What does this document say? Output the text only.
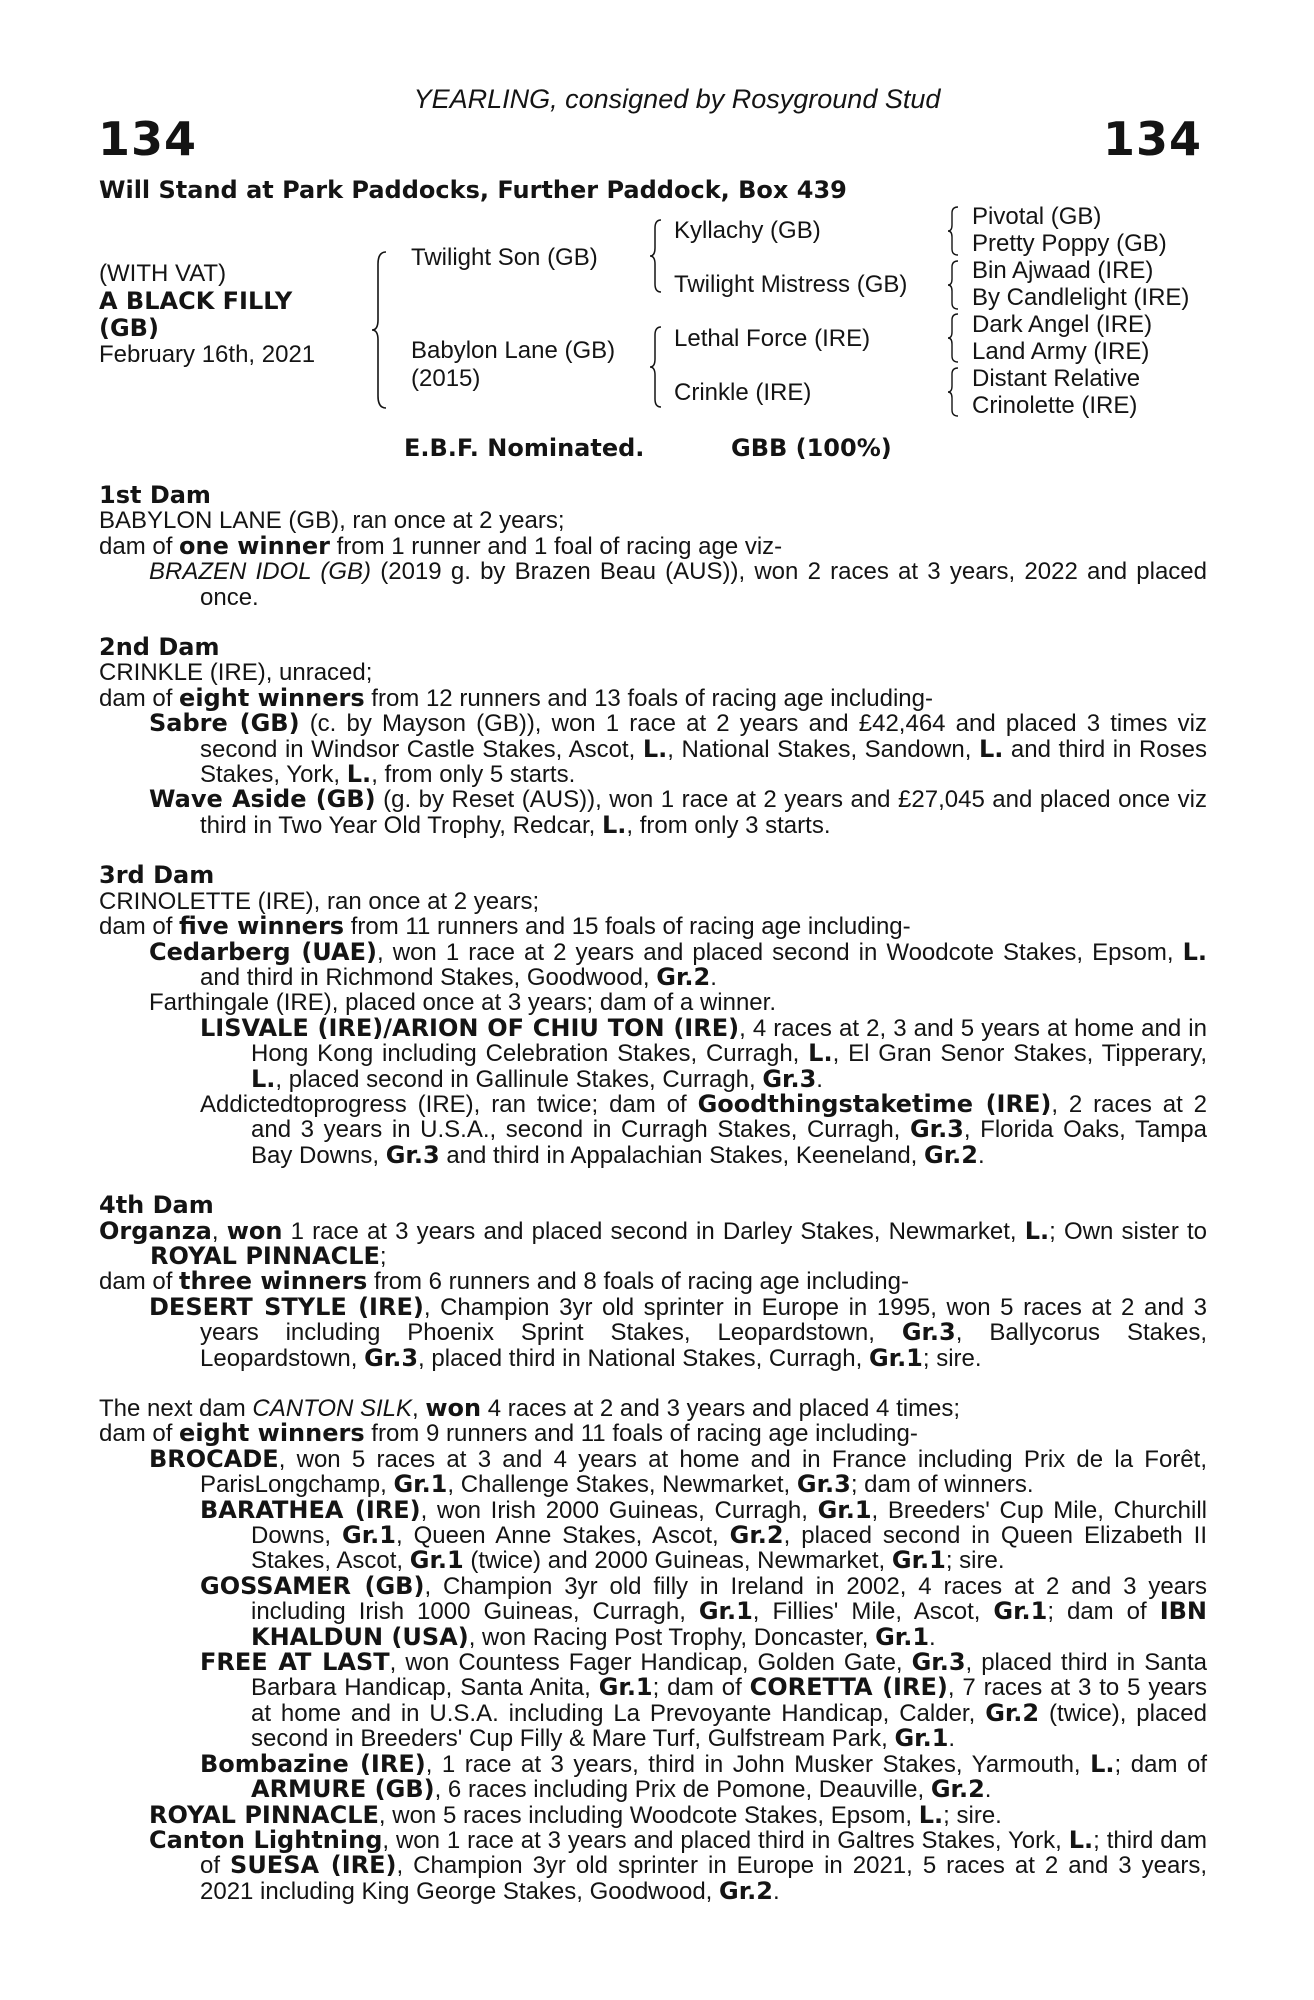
YEARLING, consigned by Rosyground Stud
134	134
Will Stand at Park Paddocks, Further Paddock, Box 439
(WITH VAT)
A BLACK FILLY
(GB)
February 16th, 2021
Twilight Son (GB)
Babylon Lane (GB)
(2015)
Kyllachy (GB)
Twilight Mistress (GB)
Lethal Force (IRE)
Crinkle (IRE)
Pivotal (GB)
Pretty Poppy (GB)
Bin Ajwaad (IRE)
By Candlelight (IRE)
Dark Angel (IRE)
Land Army (IRE)
Distant Relative
Crinolette (IRE)
E.B.F. Nominated.	GBB (100%)

1st Dam

BABYLON LANE (GB), ran once at 2 years;

dam of one winner from 1 runner and 1 foal of racing age viz-

BRAZEN IDOL (GB) (2019 g. by Brazen Beau (AUS)), won 2 races at 3 years, 2022 and placed once.

2nd Dam

CRINKLE (IRE), unraced;

dam of eight winners from 12 runners and 13 foals of racing age including-

Sabre (GB) (c. by Mayson (GB)), won 1 race at 2 years and £42,464 and placed 3 times viz second in Windsor Castle Stakes, Ascot, L., National Stakes, Sandown, L. and third in Roses Stakes, York, L., from only 5 starts.

Wave Aside (GB) (g. by Reset (AUS)), won 1 race at 2 years and £27,045 and placed once viz third in Two Year Old Trophy, Redcar, L., from only 3 starts.

3rd Dam

CRINOLETTE (IRE), ran once at 2 years;

dam of five winners from 11 runners and 15 foals of racing age including-

Cedarberg (UAE), won 1 race at 2 years and placed second in Woodcote Stakes, Epsom, L. and third in Richmond Stakes, Goodwood, Gr.2.

Farthingale (IRE), placed once at 3 years; dam of a winner.

LISVALE (IRE)/ARION OF CHIU TON (IRE), 4 races at 2, 3 and 5 years at home and in Hong Kong including Celebration Stakes, Curragh, L., El Gran Senor Stakes, Tipperary, L., placed second in Gallinule Stakes, Curragh, Gr.3.

Addictedtoprogress (IRE), ran twice; dam of Goodthingstaketime (IRE), 2 races at 2 and 3 years in U.S.A., second in Curragh Stakes, Curragh, Gr.3, Florida Oaks, Tampa Bay Downs, Gr.3 and third in Appalachian Stakes, Keeneland, Gr.2.

4th Dam

Organza, won 1 race at 3 years and placed second in Darley Stakes, Newmarket, L.; Own sister to ROYAL PINNACLE;

dam of three winners from 6 runners and 8 foals of racing age including-

DESERT STYLE (IRE), Champion 3yr old sprinter in Europe in 1995, won 5 races at 2 and 3 years including Phoenix Sprint Stakes, Leopardstown, Gr.3, Ballycorus Stakes, Leopardstown, Gr.3, placed third in National Stakes, Curragh, Gr.1; sire.

The next dam CANTON SILK, won 4 races at 2 and 3 years and placed 4 times;

dam of eight winners from 9 runners and 11 foals of racing age including-

BROCADE, won 5 races at 3 and 4 years at home and in France including Prix de la Forêt, ParisLongchamp, Gr.1, Challenge Stakes, Newmarket, Gr.3; dam of winners.

BARATHEA (IRE), won Irish 2000 Guineas, Curragh, Gr.1, Breeders' Cup Mile, Churchill Downs, Gr.1, Queen Anne Stakes, Ascot, Gr.2, placed second in Queen Elizabeth II Stakes, Ascot, Gr.1 (twice) and 2000 Guineas, Newmarket, Gr.1; sire.

GOSSAMER (GB), Champion 3yr old filly in Ireland in 2002, 4 races at 2 and 3 years including Irish 1000 Guineas, Curragh, Gr.1, Fillies' Mile, Ascot, Gr.1; dam of IBN KHALDUN (USA), won Racing Post Trophy, Doncaster, Gr.1.

FREE AT LAST, won Countess Fager Handicap, Golden Gate, Gr.3, placed third in Santa Barbara Handicap, Santa Anita, Gr.1; dam of CORETTA (IRE), 7 races at 3 to 5 years at home and in U.S.A. including La Prevoyante Handicap, Calder, Gr.2 (twice), placed second in Breeders' Cup Filly & Mare Turf, Gulfstream Park, Gr.1.

Bombazine (IRE), 1 race at 3 years, third in John Musker Stakes, Yarmouth, L.; dam of ARMURE (GB), 6 races including Prix de Pomone, Deauville, Gr.2.

ROYAL PINNACLE, won 5 races including Woodcote Stakes, Epsom, L.; sire.

Canton Lightning, won 1 race at 3 years and placed third in Galtres Stakes, York, L.; third dam of SUESA (IRE), Champion 3yr old sprinter in Europe in 2021, 5 races at 2 and 3 years, 2021 including King George Stakes, Goodwood, Gr.2.
